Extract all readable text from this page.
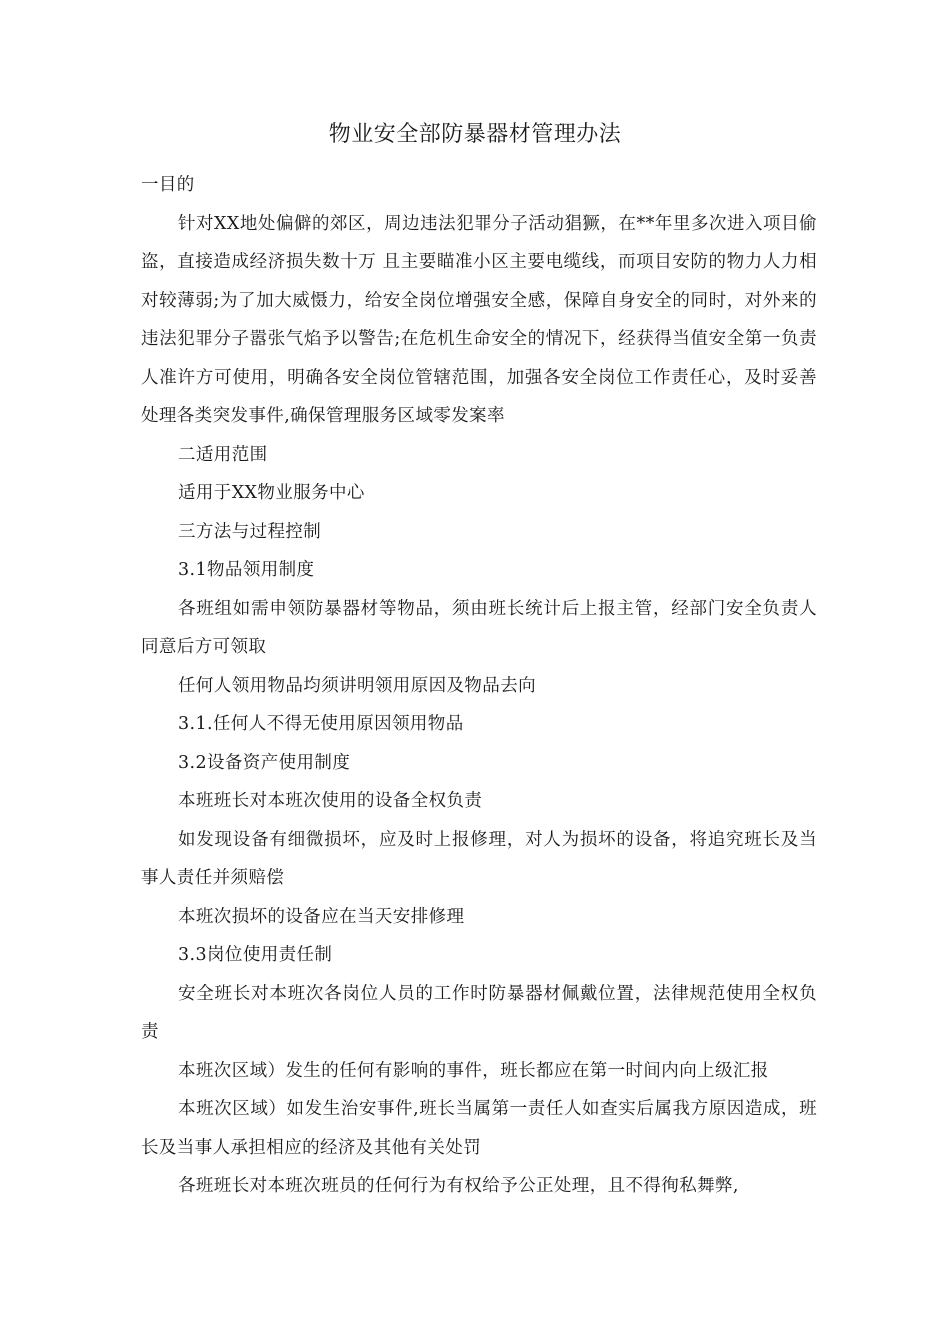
物业安全部防暴器材管理办法

一目的

针对XX地处偏僻的郊区，周边违法犯罪分子活动猖獗，在**年里多次进入项目偷盗，直接造成经济损失数十万 且主要瞄准小区主要电缆线，而项目安防的物力人力相对较薄弱;为了加大威慑力，给安全岗位增强安全感，保障自身安全的同时，对外来的违法犯罪分子嚣张气焰予以警告;在危机生命安全的情况下，经获得当值安全第一负责人准许方可使用，明确各安全岗位管辖范围，加强各安全岗位工作责任心，及时妥善处理各类突发事件,确保管理服务区域零发案率

二适用范围

适用于XX物业服务中心

三方法与过程控制

3.1物品领用制度

各班组如需申领防暴器材等物品，须由班长统计后上报主管，经部门安全负责人同意后方可领取

任何人领用物品均须讲明领用原因及物品去向

3.1.任何人不得无使用原因领用物品

3.2设备资产使用制度

本班班长对本班次使用的设备全权负责

如发现设备有细微损坏，应及时上报修理，对人为损坏的设备，将追究班长及当事人责任并须赔偿

本班次损坏的设备应在当天安排修理

3.3岗位使用责任制

安全班长对本班次各岗位人员的工作时防暴器材佩戴位置，法律规范使用全权负责

本班次区域）发生的任何有影响的事件，班长都应在第一时间内向上级汇报

本班次区域）如发生治安事件,班长当属第一责任人如查实后属我方原因造成，班长及当事人承担相应的经济及其他有关处罚

各班班长对本班次班员的任何行为有权给予公正处理，且不得徇私舞弊,
